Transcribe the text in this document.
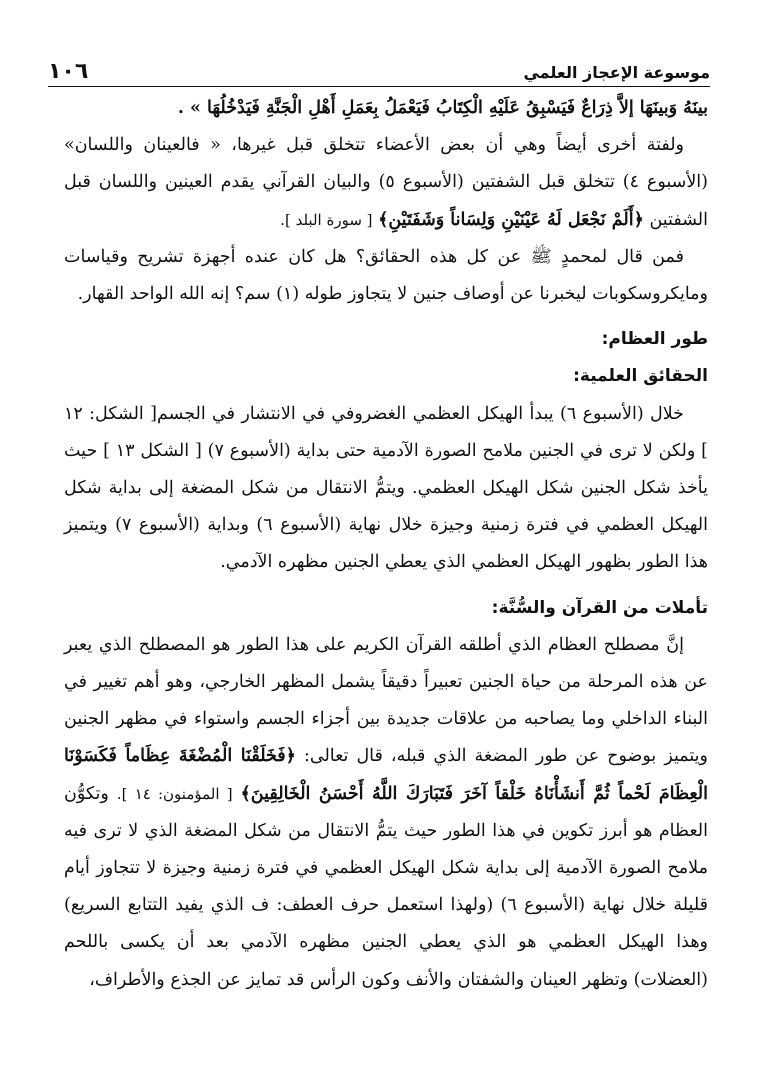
موسوعة الإعجاز العلمي
١٠٦

بينَهُ وَبينَهَا إلاَّ ذِرَاعٌ فَيَسْبِقُ عَلَيْهِ الْكِتَابُ فَيَعْمَلُ بِعَمَلِ أَهْلِ الْجَنَّةِ فَيَدْخُلُهَا » .

ولفتة أخرى أيضاً وهي أن بعض الأعضاء تتخلق قبل غيرها، « فالعينان واللسان» (الأسبوع ٤) تتخلق قبل الشفتين (الأسبوع ٥) والبيان القرآني يقدم العينين واللسان قبل الشفتين ﴿أَلَمْ نَجْعَل لَهُ عَيْنَيْنِ وَلِسَاناً وَشَفَتَيْنِ﴾ [ سورة البلد ].

فمن قال لمحمدٍ ﷺ عن كل هذه الحقائق؟ هل كان عنده أجهزة تشريح وقياسات ومايكروسكوبات ليخبرنا عن أوصاف جنين لا يتجاوز طوله (١) سم؟ إنه الله الواحد القهار.

طور العظام:

الحقائق العلمية:

خلال (الأسبوع ٦) يبدأ الهيكل العظمي الغضروفي في الانتشار في الجسم[ الشكل: ١٢ ] ولكن لا ترى في الجنين ملامح الصورة الآدمية حتى بداية (الأسبوع ٧) [ الشكل ١٣ ] حيث يأخذ شكل الجنين شكل الهيكل العظمي. ويتمُّ الانتقال من شكل المضغة إلى بداية شكل الهيكل العظمي في فترة زمنية وجيزة خلال نهاية (الأسبوع ٦) وبداية (الأسبوع ٧) ويتميز هذا الطور بظهور الهيكل العظمي الذي يعطي الجنين مظهره الآدمي.

تأملات من القرآن والسُّنَّة:

إنَّ مصطلح العظام الذي أطلقه القرآن الكريم على هذا الطور هو المصطلح الذي يعبر عن هذه المرحلة من حياة الجنين تعبيراً دقيقاً يشمل المظهر الخارجي، وهو أهم تغيير في البناء الداخلي وما يصاحبه من علاقات جديدة بين أجزاء الجسم واستواء في مظهر الجنين ويتميز بوضوح عن طور المضغة الذي قبله، قال تعالى: ﴿فَخَلَقْنَا الْمُضْغَةَ عِظَاماً فَكَسَوْنَا الْعِظَامَ لَحْماً ثُمَّ أَنشَأْنَاهُ خَلْقاً آخَرَ فَتَبَارَكَ اللَّهُ أَحْسَنُ الْخَالِقِينَ﴾ [ المؤمنون: ١٤ ]. وتكوُّن العظام هو أبرز تكوين في هذا الطور حيث يتمُّ الانتقال من شكل المضغة الذي لا ترى فيه ملامح الصورة الآدمية إلى بداية شكل الهيكل العظمي في فترة زمنية وجيزة لا تتجاوز أيام قليلة خلال نهاية (الأسبوع ٦) (ولهذا استعمل حرف العطف: ف الذي يفيد التتابع السريع) وهذا الهيكل العظمي هو الذي يعطي الجنين مظهره الآدمي بعد أن يكسى باللحم (العضلات) وتظهر العينان والشفتان والأنف وكون الرأس قد تمايز عن الجذع والأطراف،
